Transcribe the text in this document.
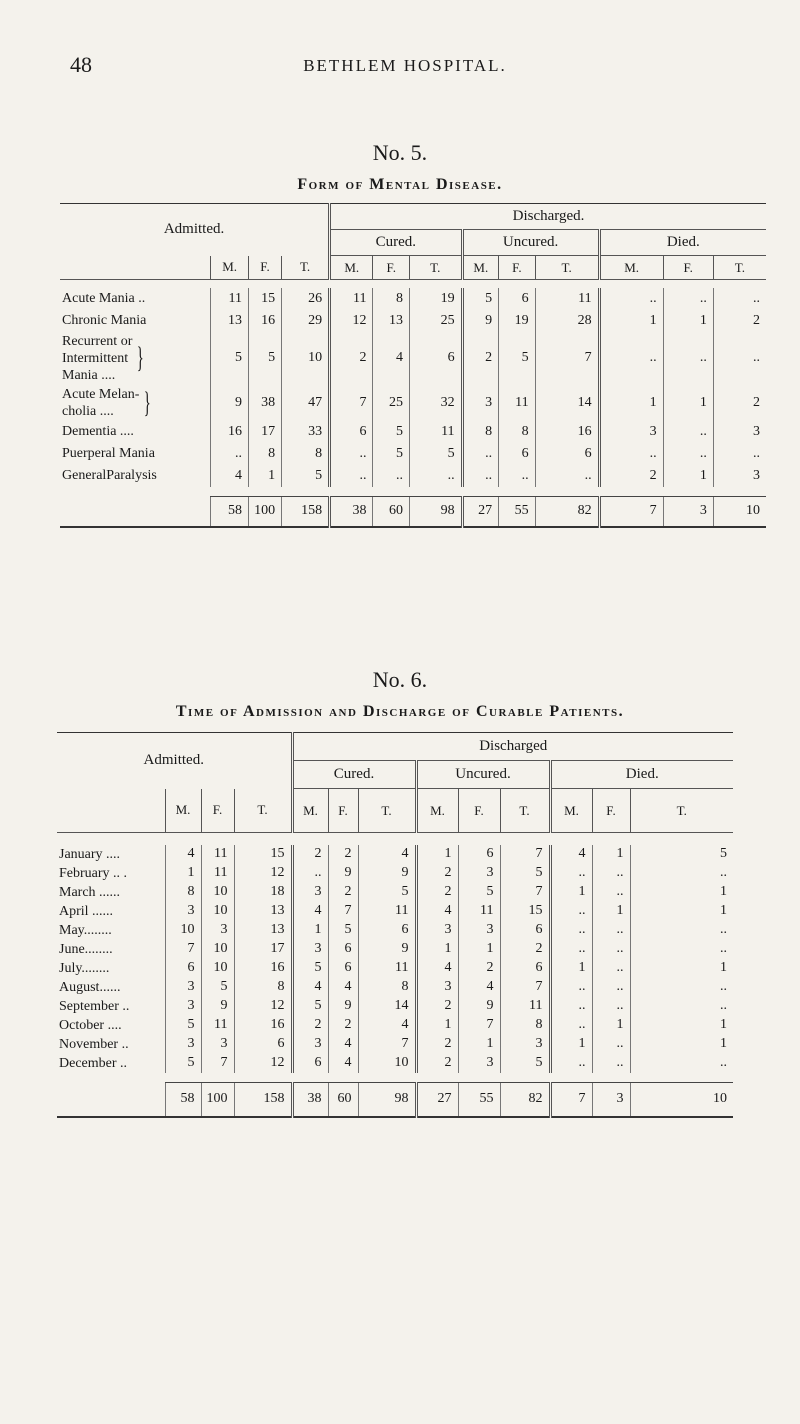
48	BETHLEM HOSPITAL.
No. 5.
Form of Mental Disease.
Admitted.				Discharged.								
				Cured.			Uncured.			Died.		
	M.	F.	T.	M.	F.	T.	M.	F.	T.	M.	F.	T.

Acute Mania ..	11	15	26	11	8	19	5	6	11	..	..	..
Chronic Mania	13	16	29	12	13	25	9	19	28	1	1	2

Recurrent or
Intermittent
Mania ....
}	5	5	10	2	4	6	2	5	7	..	..	..

Acute Melan-
cholia .... }	9	38	47	7	25	32	3	11	14	1	1	2
Dementia ....	16	17	33	6	5	11	8	8	16	3	..	3
Puerperal Mania	..	8	8	..	5	5	..	6	6	..	..	..
GeneralParalysis	4	1	5	..	..	..	..	..	..	2	1	3

	58	100	158	38	60	98	27	55	82	7	3	10
No. 6.
Time of Admission and Discharge of Curable Patients.
Admitted.				Discharged								
				Cured.			Uncured.			Died.		
	M.	F.	T.	M.	F.	T.	M.	F.	T.	M.	F.	T.

January ....	4	11	15	2	2	4	1	6	7	4	1	5
February .. .	1	11	12	..	9	9	2	3	5	..	..	..
March ......	8	10	18	3	2	5	2	5	7	1	..	1
April ......	3	10	13	4	7	11	4	11	15	..	1	1
May........	10	3	13	1	5	6	3	3	6	..	..	..
June........	7	10	17	3	6	9	1	1	2	..	..	..
July........	6	10	16	5	6	11	4	2	6	1	..	1
August......	3	5	8	4	4	8	3	4	7	..	..	..
September ..	3	9	12	5	9	14	2	9	11	..	..	..
October ....	5	11	16	2	2	4	1	7	8	..	1	1
November ..	3	3	6	3	4	7	2	1	3	1	..	1
December ..	5	7	12	6	4	10	2	3	5	..	..	..

	58	100	158	38	60	98	27	55	82	7	3	10
